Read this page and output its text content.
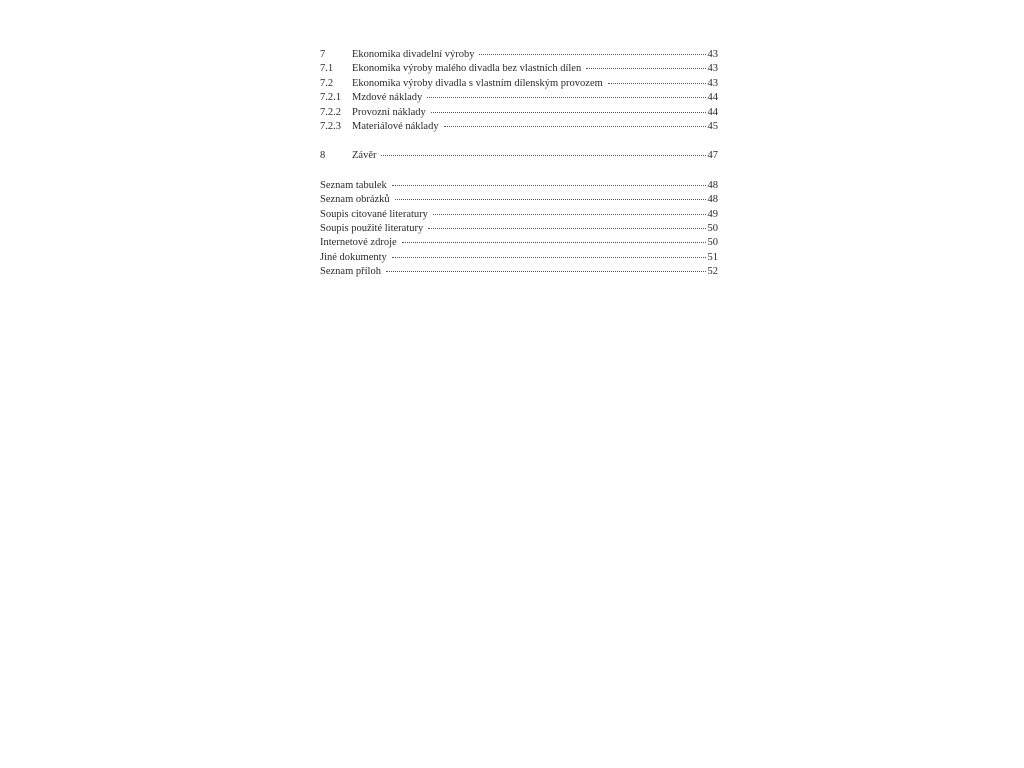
7	Ekonomika divadelní výroby	43
7.1	Ekonomika výroby malého divadla bez vlastních dílen	43
7.2	Ekonomika výroby divadla s vlastním dílenským provozem	43
7.2.1	Mzdové náklady	44
7.2.2	Provozní náklady	44
7.2.3	Materiálové náklady	45
8	Závěr	47
Seznam tabulek	48
Seznam obrázků	48
Soupis citované literatury	49
Soupis použité literatury	50
Internetové zdroje	50
Jiné dokumenty	51
Seznam příloh	52
